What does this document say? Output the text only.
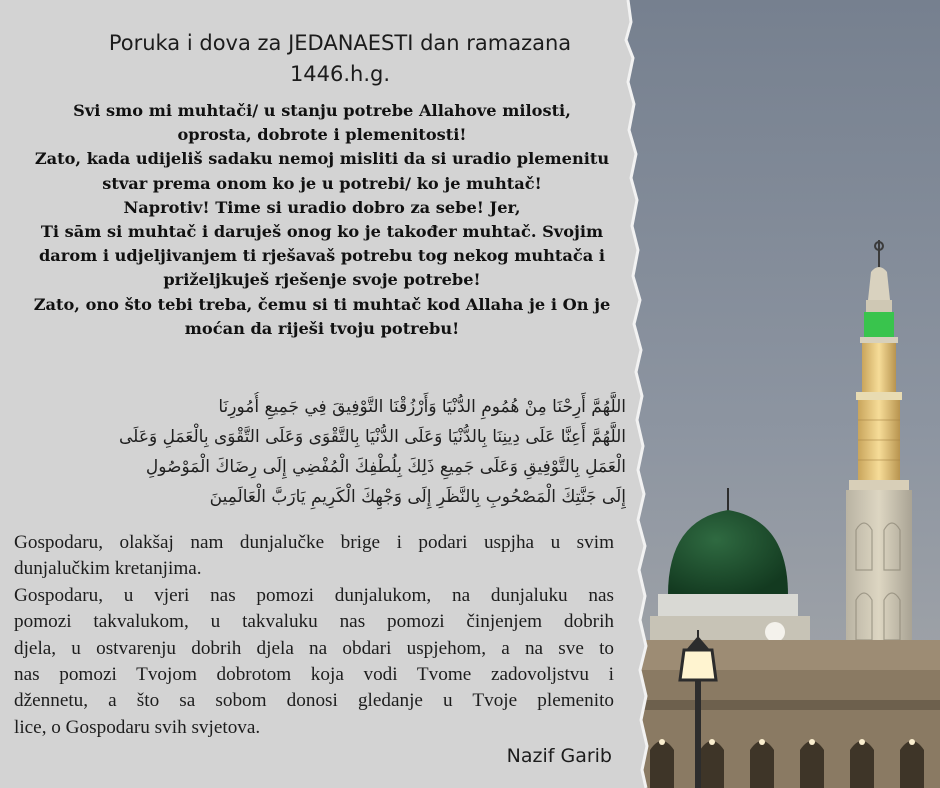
Poruka i dova za JEDANAESTI dan ramazana
1446.h.g.
Svi smo mi muhtači/ u stanju potrebe Allahove milosti,
oprosta, dobrote i plemenitosti!
Zato, kada udijeliš sadaku nemoj misliti da si uradio plemenitu
stvar prema onom ko je u potrebi/ ko je muhtač!
Naprotiv! Time si uradio dobro za sebe! Jer,
Ti sām si muhtač i daruješ onog ko je također muhtač. Svojim
darom i udjeljivanjem ti rješavaš potrebu tog nekog muhtača i
priželjkuješ rješenje svoje potrebe!
Zato, ono što tebi treba, čemu si ti muhtač kod Allaha je i On je
moćan da riješi tvoju potrebu!
اللَّهُمَّ أَرِحْنَا مِنْ هُمُومِ الدُّنْيَا وَأَرْزُقْنَا التَّوْفِيقَ فِي جَمِيعِ أُمُورِنَا
اللَّهُمَّ أَعِنَّا عَلَى دِينِنَا بِالدُّنْيَا وَعَلَى الدُّنْيَا بِالتَّقْوَى وَعَلَى التَّقْوَى بِالْعَمَلِ وَعَلَى
الْعَمَلِ بِالتَّوْفِيقِ وَعَلَى جَمِيعِ ذَلِكَ بِلُطْفِكَ الْمُفْضِي إِلَى رِضَاكَ الْمَوْصُولِ
إِلَى جَنَّتِكَ الْمَصْحُوبِ بِالنَّظَرِ إِلَى وَجْهِكَ الْكَرِيمِ يَارَبَّ الْعَالَمِينَ
Gospodaru, olakšaj nam dunjalučke brige i podari uspjha u svim
dunjalučkim kretanjima.
Gospodaru, u vjeri nas pomozi dunjalukom, na dunjaluku nas
pomozi takvalukom, u takvaluku nas pomozi činjenjem dobrih
djela, u ostvarenju dobrih djela na obdari uspjehom, a na sve to
nas pomozi Tvojom dobrotom koja vodi Tvome zadovoljstvu i
džennetu, a što sa sobom donosi gledanje u Tvoje plemenito
lice, o Gospodaru svih svjetova.
Nazif Garib
